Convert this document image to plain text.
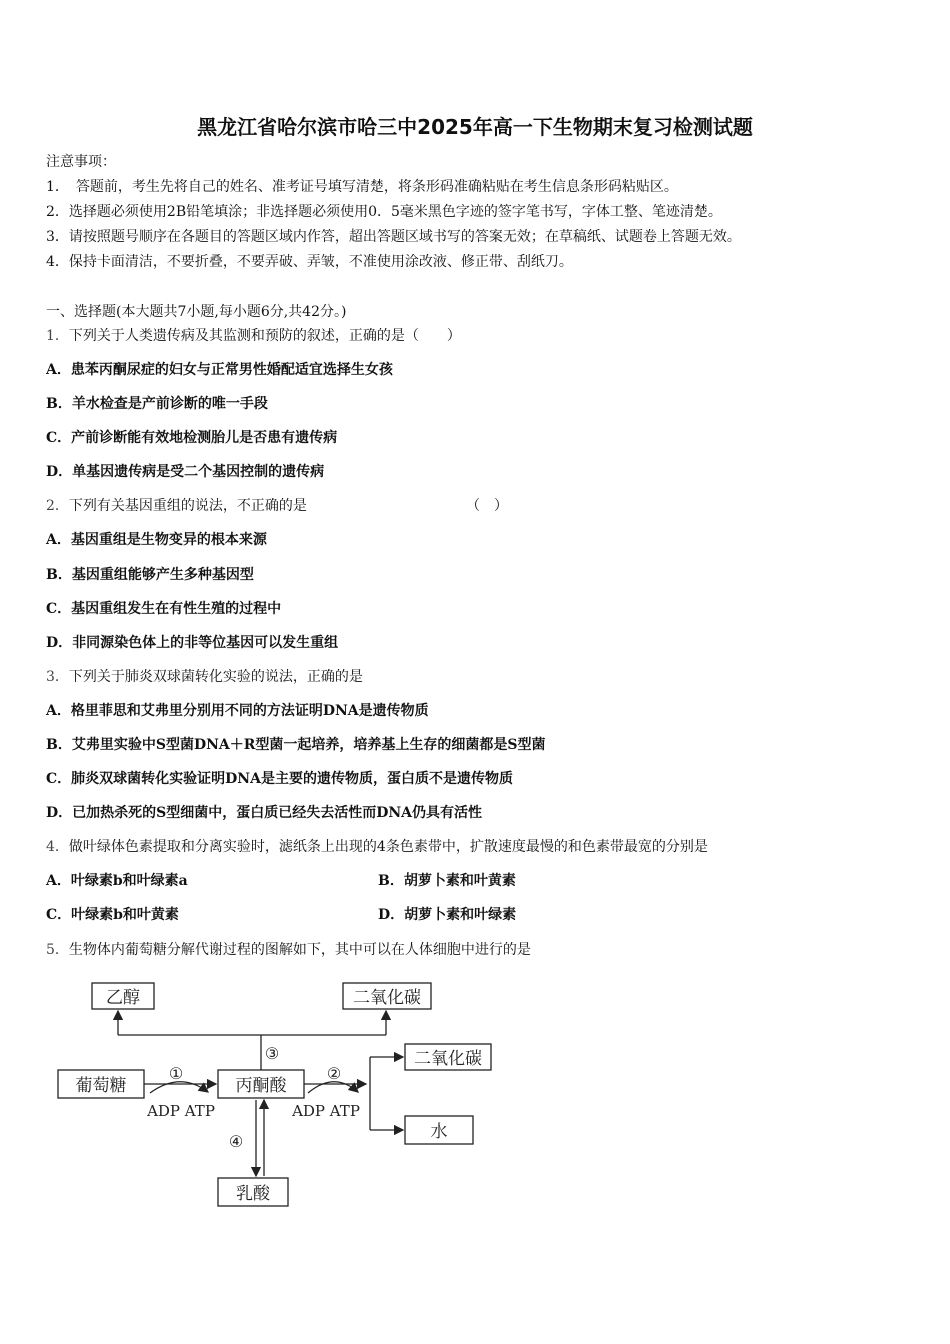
黑龙江省哈尔滨市哈三中2025年高一下生物期末复习检测试题
注意事项：
1．　答题前，考生先将自己的姓名、准考证号填写清楚，将条形码准确粘贴在考生信息条形码粘贴区。
2．选择题必须使用2B铅笔填涂；非选择题必须使用0．5毫米黑色字迹的签字笔书写，字体工整、笔迹清楚。
3．请按照题号顺序在各题目的答题区域内作答，超出答题区域书写的答案无效；在草稿纸、试题卷上答题无效。
4．保持卡面清洁，不要折叠，不要弄破、弄皱，不准使用涂改液、修正带、刮纸刀。
一、选择题(本大题共7小题,每小题6分,共42分。)
1．下列关于人类遗传病及其监测和预防的叙述，正确的是（　　）
A．患苯丙酮尿症的妇女与正常男性婚配适宜选择生女孩
B．羊水检查是产前诊断的唯一手段
C．产前诊断能有效地检测胎儿是否患有遗传病
D．单基因遗传病是受二个基因控制的遗传病
2．下列有关基因重组的说法，不正确的是	（　）
A．基因重组是生物变异的根本来源
B．基因重组能够产生多种基因型
C．基因重组发生在有性生殖的过程中
D．非同源染色体上的非等位基因可以发生重组
3．下列关于肺炎双球菌转化实验的说法，正确的是
A．格里菲思和艾弗里分别用不同的方法证明DNA是遗传物质
B．艾弗里实验中S型菌DNA＋R型菌一起培养，培养基上生存的细菌都是S型菌
C．肺炎双球菌转化实验证明DNA是主要的遗传物质，蛋白质不是遗传物质
D．已加热杀死的S型细菌中，蛋白质已经失去活性而DNA仍具有活性
4．做叶绿体色素提取和分离实验时，滤纸条上出现的4条色素带中，扩散速度最慢的和色素带最宽的分别是
A．叶绿素b和叶绿素a	B．胡萝卜素和叶黄素
C．叶绿素b和叶黄素	D．胡萝卜素和叶绿素
5．生物体内葡萄糖分解代谢过程的图解如下，其中可以在人体细胞中进行的是
乙醇	二氧化碳
葡萄糖	丙酮酸
二氧化碳
水
乳酸
①	②
③
④
ADP ATP	ADP ATP
